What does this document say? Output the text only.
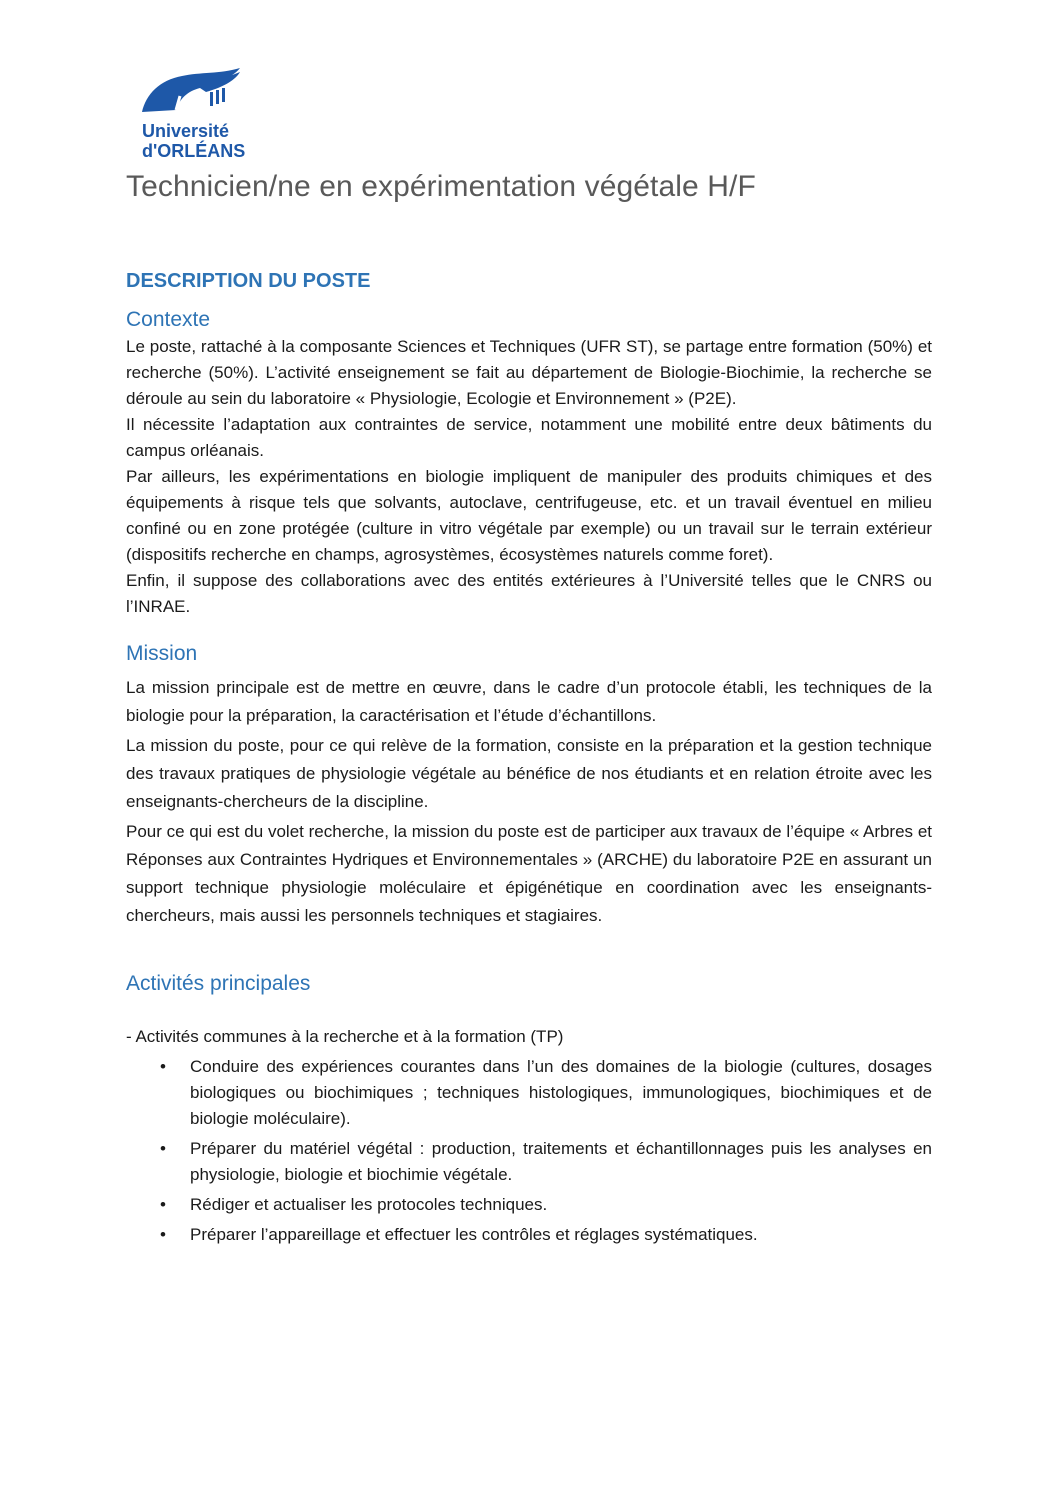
Université
d'ORLÉANS
Technicien/ne en expérimentation végétale H/F
DESCRIPTION DU POSTE
Contexte

Le poste, rattaché à la composante Sciences et Techniques (UFR ST), se partage entre formation (50%) et recherche (50%). L’activité enseignement se fait au département de Biologie-Biochimie, la recherche se déroule au sein du laboratoire « Physiologie, Ecologie et Environnement » (P2E).

Il nécessite l’adaptation aux contraintes de service, notamment une mobilité entre deux bâtiments du campus orléanais.

Par ailleurs, les expérimentations en biologie impliquent de manipuler des produits chimiques et des équipements à risque tels que solvants, autoclave, centrifugeuse, etc. et un travail éventuel en milieu confiné ou en zone protégée (culture in vitro végétale par exemple) ou un travail sur le terrain extérieur (dispositifs recherche en champs, agrosystèmes, écosystèmes naturels comme foret).

Enfin, il suppose des collaborations avec des entités extérieures à l’Université telles que le CNRS ou l’INRAE.

Mission

La mission principale est de mettre en œuvre, dans le cadre d’un protocole établi, les techniques de la biologie pour la préparation, la caractérisation et l’étude d’échantillons.

La mission du poste, pour ce qui relève de la formation, consiste en la préparation et la gestion technique des travaux pratiques de physiologie végétale au bénéfice de nos étudiants et en relation étroite avec les enseignants-chercheurs de la discipline.

Pour ce qui est du volet recherche, la mission du poste est de participer aux travaux de l’équipe « Arbres et Réponses aux Contraintes Hydriques et Environnementales » (ARCHE) du laboratoire P2E en assurant un support technique physiologie moléculaire et épigénétique en coordination avec les enseignants-chercheurs, mais aussi les personnels techniques et stagiaires.

Activités principales
- Activités communes à la recherche et à la formation (TP)
• Conduire des expériences courantes dans l’un des domaines de la biologie (cultures, dosages biologiques ou biochimiques ; techniques histologiques, immunologiques, biochimiques et de biologie moléculaire).
• Préparer du matériel végétal : production, traitements et échantillonnages puis les analyses en physiologie, biologie et biochimie végétale.
• Rédiger et actualiser les protocoles techniques.
• Préparer l’appareillage et effectuer les contrôles et réglages systématiques.
